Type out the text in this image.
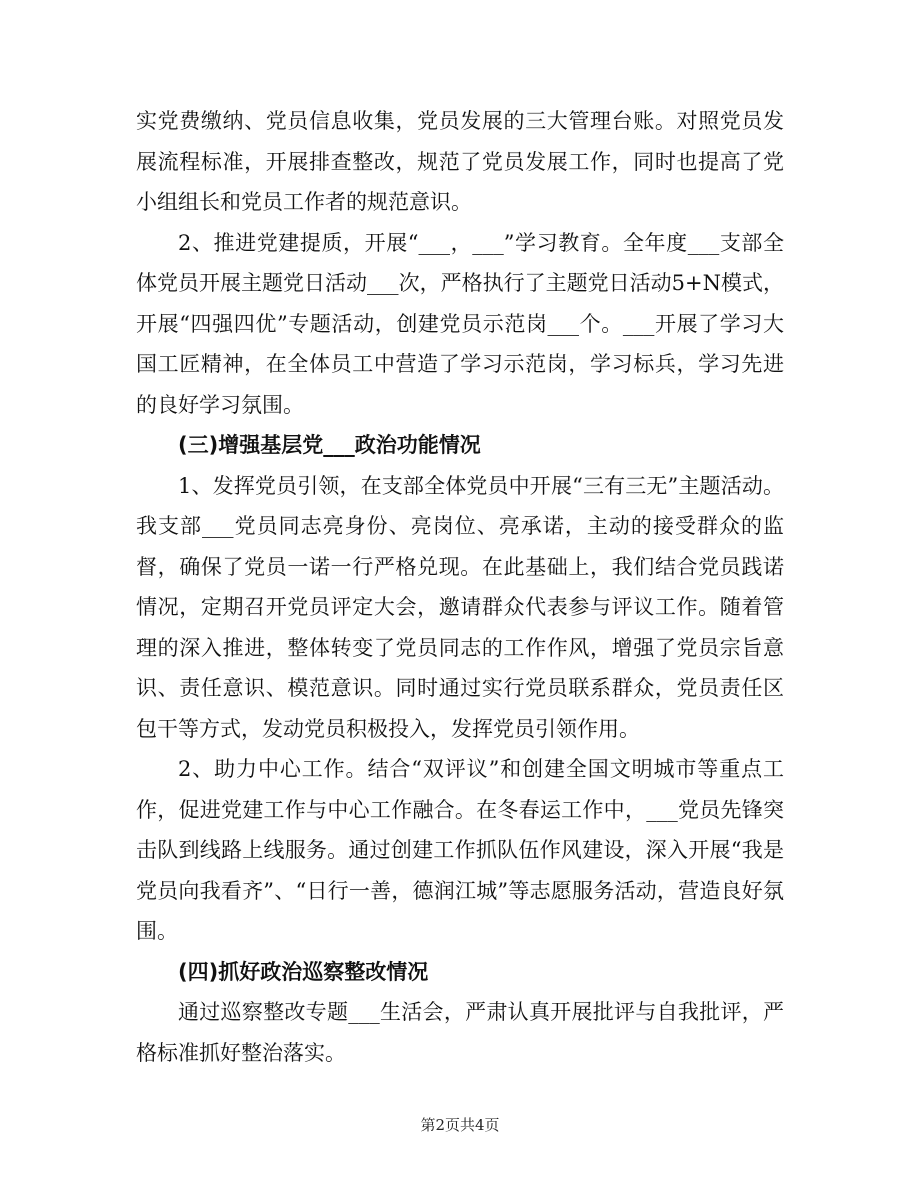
实党费缴纳、党员信息收集，党员发展的三大管理台账。对照党员发展流程标准，开展排查整改，规范了党员发展工作，同时也提高了党小组组长和党员工作者的规范意识。

2、推进党建提质，开展“___，___”学习教育。全年度___支部全体党员开展主题党日活动___次，严格执行了主题党日活动5+N模式，开展“四强四优”专题活动，创建党员示范岗___个。___开展了学习大国工匠精神，在全体员工中营造了学习示范岗，学习标兵，学习先进的良好学习氛围。

(三)增强基层党___政治功能情况

1、发挥党员引领，在支部全体党员中开展“三有三无”主题活动。我支部___党员同志亮身份、亮岗位、亮承诺，主动的接受群众的监督，确保了党员一诺一行严格兑现。在此基础上，我们结合党员践诺情况，定期召开党员评定大会，邀请群众代表参与评议工作。随着管理的深入推进，整体转变了党员同志的工作作风，增强了党员宗旨意识、责任意识、模范意识。同时通过实行党员联系群众，党员责任区包干等方式，发动党员积极投入，发挥党员引领作用。

2、助力中心工作。结合“双评议”和创建全国文明城市等重点工作，促进党建工作与中心工作融合。在冬春运工作中，___党员先锋突击队到线路上线服务。通过创建工作抓队伍作风建设，深入开展“我是党员向我看齐”、“日行一善，德润江城”等志愿服务活动，营造良好氛围。

(四)抓好政治巡察整改情况

通过巡察整改专题___生活会，严肃认真开展批评与自我批评，严格标准抓好整治落实。

第2页共4页
